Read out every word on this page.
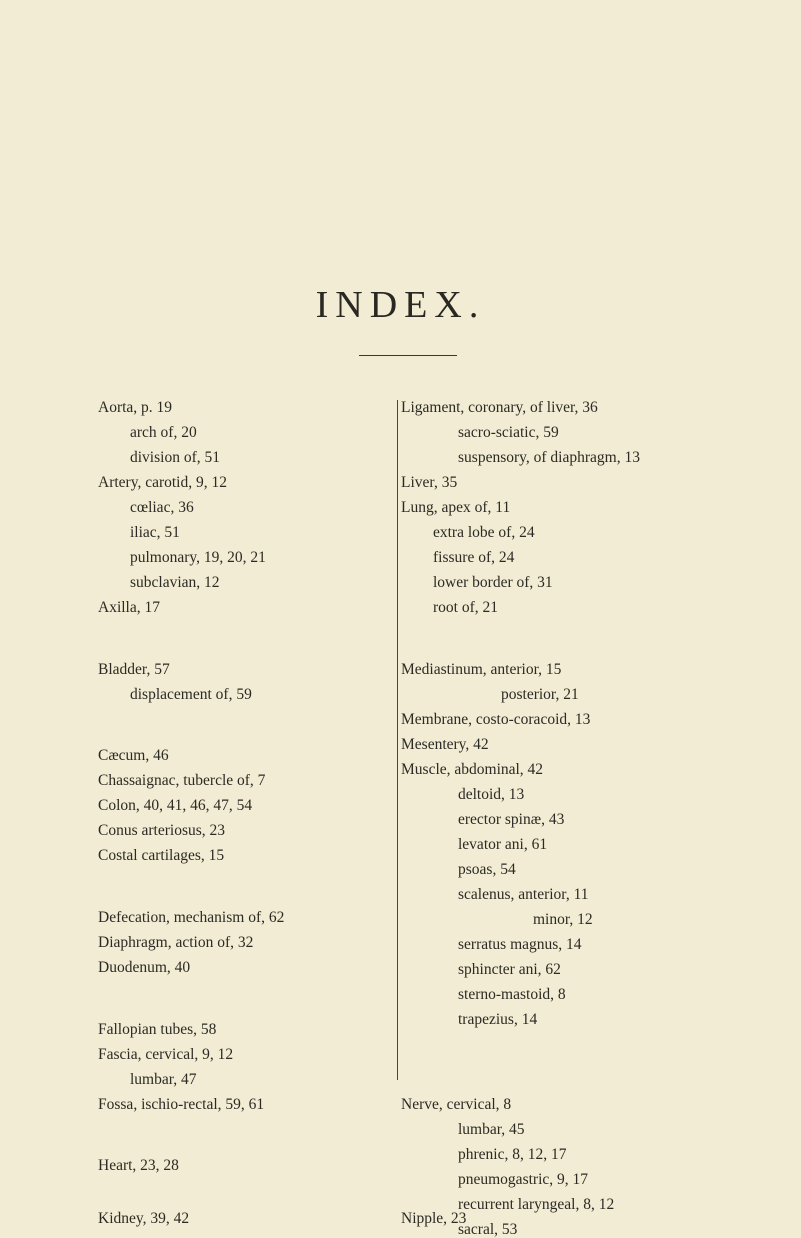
INDEX.
Aorta, p. 19
arch of, 20
division of, 51
Artery, carotid, 9, 12
cœliac, 36
iliac, 51
pulmonary, 19, 20, 21
subclavian, 12
Axilla, 17
Bladder, 57
displacement of, 59
Cæcum, 46
Chassaignac, tubercle of, 7
Colon, 40, 41, 46, 47, 54
Conus arteriosus, 23
Costal cartilages, 15
Defecation, mechanism of, 62
Diaphragm, action of, 32
Duodenum, 40
Fallopian tubes, 58
Fascia, cervical, 9, 12
lumbar, 47
Fossa, ischio-rectal, 59, 61
Heart, 23, 28
Kidney, 39, 42
Ligament, coronary, of liver, 36
sacro-sciatic, 59
suspensory, of diaphragm, 13
Liver, 35
Lung, apex of, 11
extra lobe of, 24
fissure of, 24
lower border of, 31
root of, 21
Mediastinum, anterior, 15
posterior, 21
Membrane, costo-coracoid, 13
Mesentery, 42
Muscle, abdominal, 42
deltoid, 13
erector spinæ, 43
levator ani, 61
psoas, 54
scalenus, anterior, 11
minor, 12
serratus magnus, 14
sphincter ani, 62
sterno-mastoid, 8
trapezius, 14
Nerve, cervical, 8
lumbar, 45
phrenic, 8, 12, 17
pneumogastric, 9, 17
recurrent laryngeal, 8, 12
sacral, 53
Nipple, 23
